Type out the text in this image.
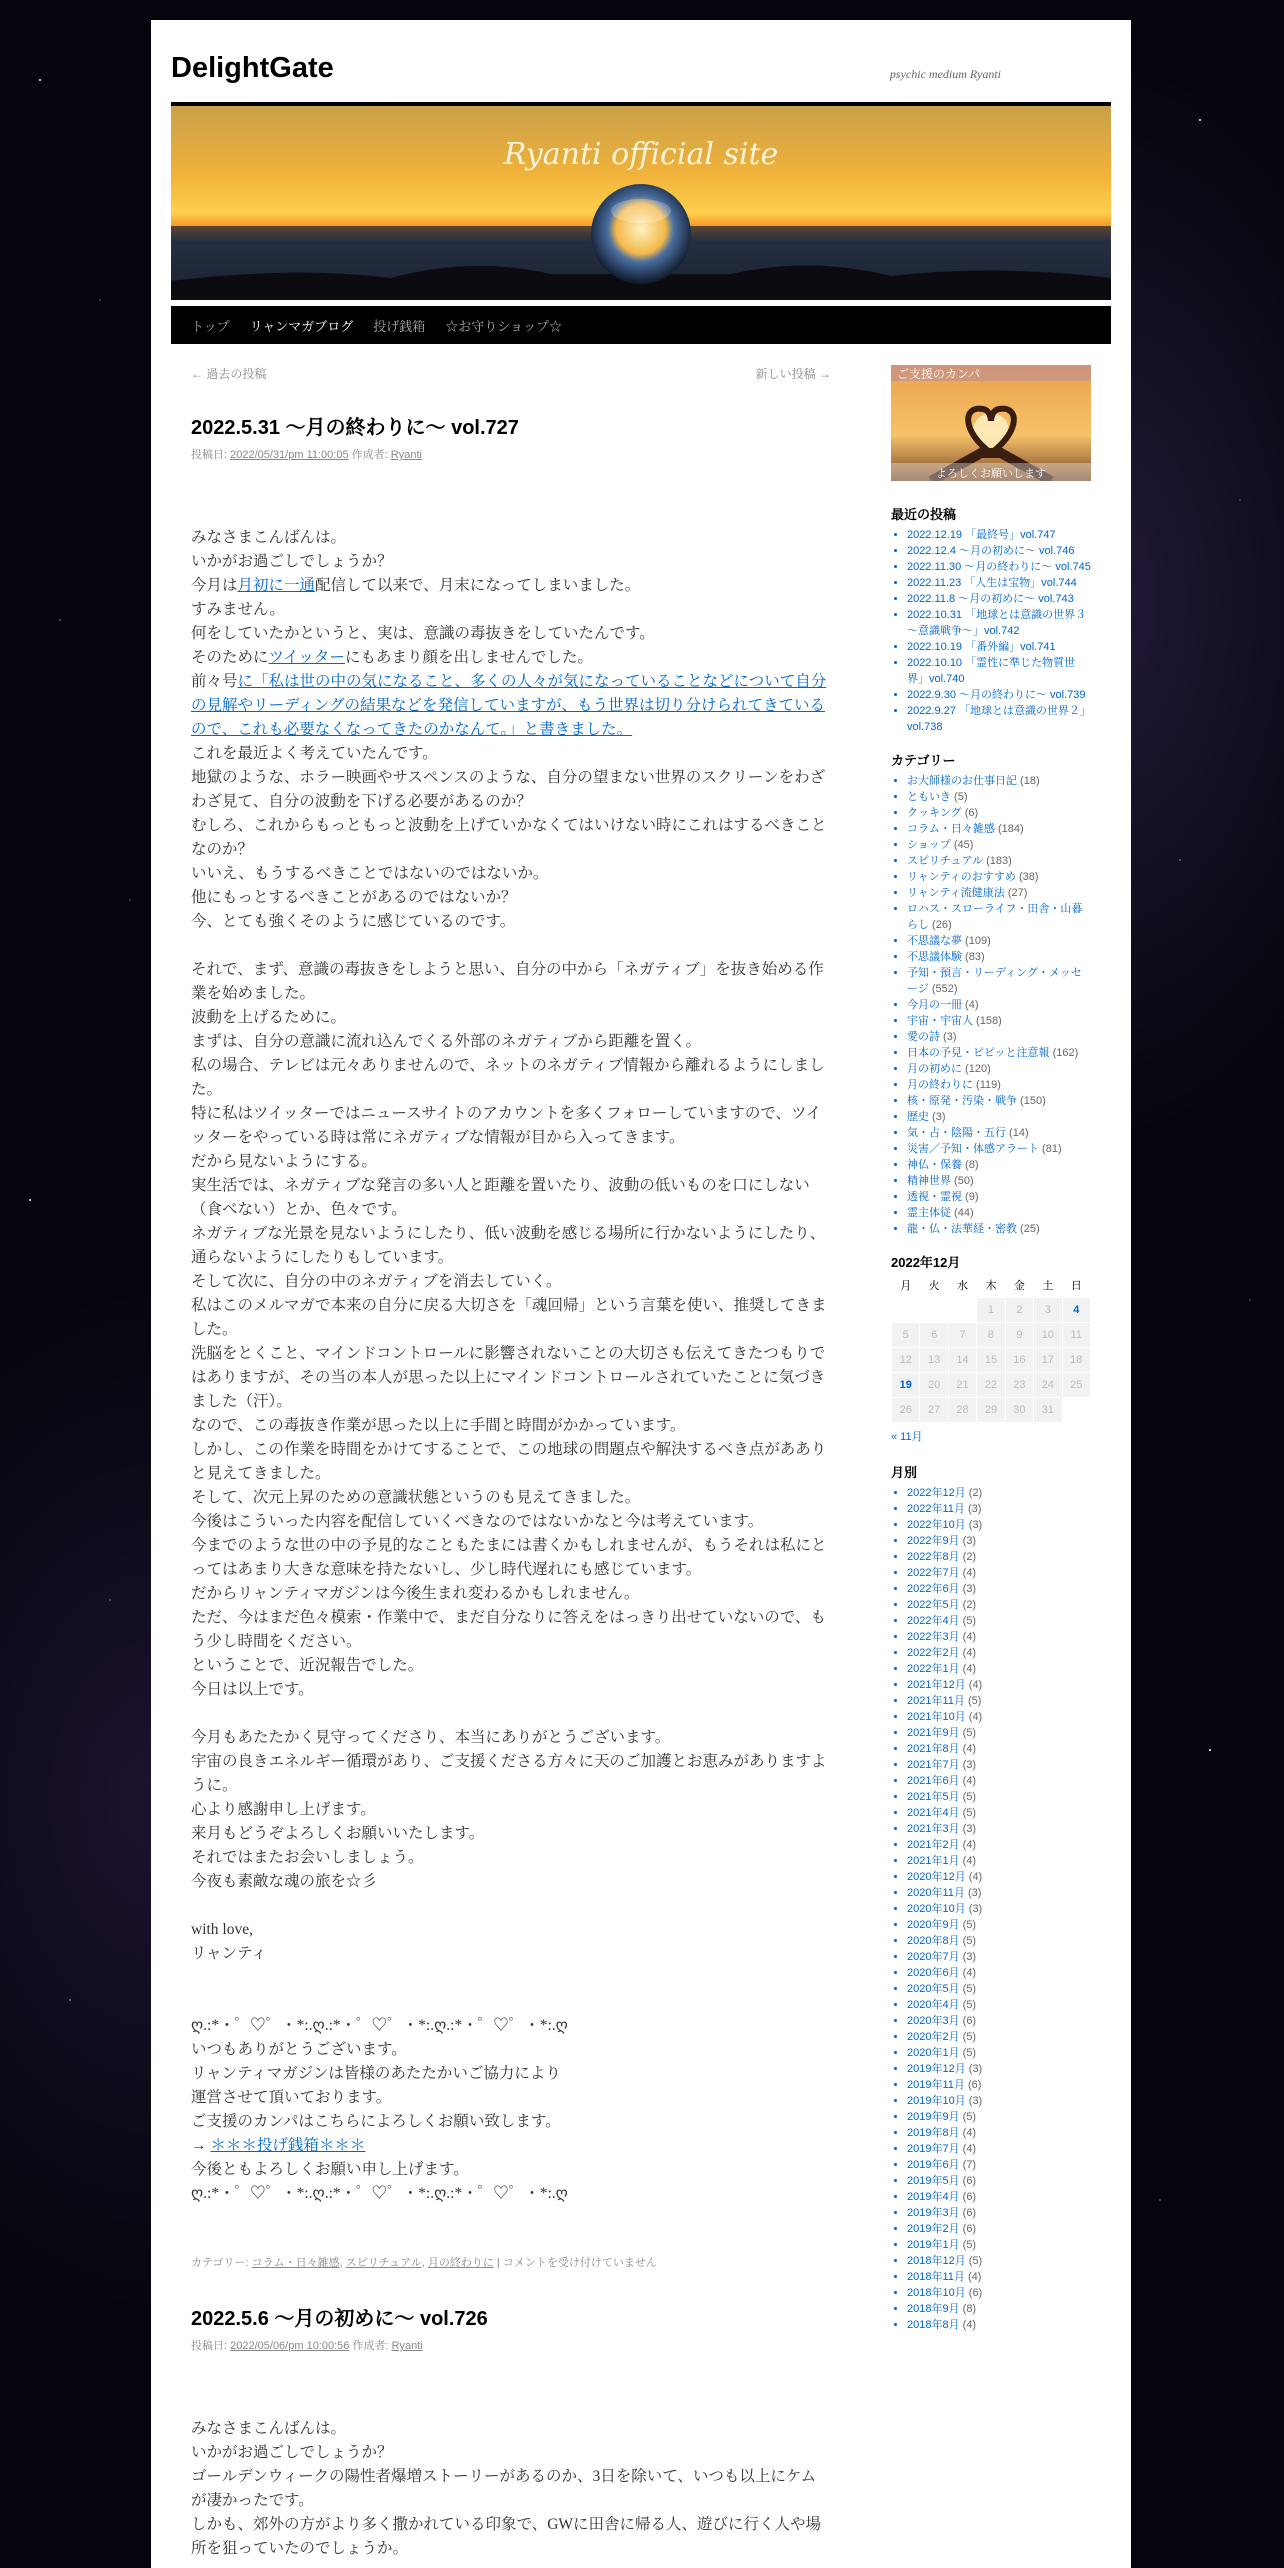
DelightGate	psychic medium Ryanti
Ryanti official site
トップ	リャンマガブログ	投げ銭箱	☆お守りショップ☆
← 過去の投稿	新しい投稿 →
2022.5.31 ～月の終わりに～ vol.727
投稿日: 2022/05/31/pm 11:00:05 作成者: Ryanti

みなさまこんばんは。

いかがお過ごしでしょうか？

今月は月初に一通配信して以来で、月末になってしまいました。

すみません。

何をしていたかというと、実は、意識の毒抜きをしていたんです。

そのためにツイッターにもあまり顔を出しませんでした。

前々号に「私は世の中の気になること、多くの人々が気になっていることなどについて自分の見解やリーディングの結果などを発信していますが、もう世界は切り分けられてきているので、これも必要なくなってきたのかなんて。」と書きました。

これを最近よく考えていたんです。

地獄のような、ホラー映画やサスペンスのような、自分の望まない世界のスクリーンをわざわざ見て、自分の波動を下げる必要があるのか？

むしろ、これからもっともっと波動を上げていかなくてはいけない時にこれはするべきことなのか？

いいえ、もうするべきことではないのではないか。

他にもっとするべきことがあるのではないか？

今、とても強くそのように感じているのです。

それで、まず、意識の毒抜きをしようと思い、自分の中から「ネガティブ」を抜き始める作業を始めました。

波動を上げるために。

まずは、自分の意識に流れ込んでくる外部のネガティブから距離を置く。

私の場合、テレビは元々ありませんので、ネットのネガティブ情報から離れるようにしました。

特に私はツイッターではニュースサイトのアカウントを多くフォローしていますので、ツイッターをやっている時は常にネガティブな情報が目から入ってきます。

だから見ないようにする。

実生活では、ネガティブな発言の多い人と距離を置いたり、波動の低いものを口にしない（食べない）とか、色々です。

ネガティブな光景を見ないようにしたり、低い波動を感じる場所に行かないようにしたり、通らないようにしたりもしています。

そして次に、自分の中のネガティブを消去していく。

私はこのメルマガで本来の自分に戻る大切さを「魂回帰」という言葉を使い、推奨してきました。

洗脳をとくこと、マインドコントロールに影響されないことの大切さも伝えてきたつもりではありますが、その当の本人が思った以上にマインドコントロールされていたことに気づきました（汗）。

なので、この毒抜き作業が思った以上に手間と時間がかかっています。

しかし、この作業を時間をかけてすることで、この地球の問題点や解決するべき点があありと見えてきました。

そして、次元上昇のための意識状態というのも見えてきました。

今後はこういった内容を配信していくべきなのではないかなと今は考えています。

今までのような世の中の予見的なこともたまには書くかもしれませんが、もうそれは私にとってはあまり大きな意味を持たないし、少し時代遅れにも感じています。

だからリャンティマガジンは今後生まれ変わるかもしれません。

ただ、今はまだ色々模索・作業中で、まだ自分なりに答えをはっきり出せていないので、もう少し時間をください。

ということで、近況報告でした。

今日は以上です。

今月もあたたかく見守ってくださり、本当にありがとうございます。

宇宙の良きエネルギー循環があり、ご支援くださる方々に天のご加護とお恵みがありますように。

心より感謝申し上げます。

来月もどうぞよろしくお願いいたします。

それではまたお会いしましょう。

今夜も素敵な魂の旅を☆彡

with love,

リャンティ

ღ.:*・゜♡゜・*:.ღ.:*・゜♡゜・*:.ღ.:*・゜♡゜・*:.ღ

いつもありがとうございます。

リャンティマガジンは皆様のあたたかいご協力により

運営させて頂いております。

ご支援のカンパはこちらによろしくお願い致します。

→ ＊＊＊投げ銭箱＊＊＊

今後ともよろしくお願い申し上げます。

ღ.:*・゜♡゜・*:.ღ.:*・゜♡゜・*:.ღ.:*・゜♡゜・*:.ღ

カテゴリー: コラム・日々雑感, スピリチュアル, 月の終わりに | コメントを受け付けていません
2022.5.6 ～月の初めに～ vol.726
投稿日: 2022/05/06/pm 10:00:56 作成者: Ryanti

みなさまこんばんは。

いかがお過ごしでしょうか？

ゴールデンウィークの陽性者爆増ストーリーがあるのか、3日を除いて、いつも以上にケムが凄かったです。

しかも、郊外の方がより多く撒かれている印象で、GWに田舎に帰る人、遊びに行く人や場所を狙っていたのでしょうか。

ご支援のカンパ
よろしくお願いします
最近の投稿
• 2022.12.19 「最終号」vol.747
• 2022.12.4 ～月の初めに～ vol.746
• 2022.11.30 ～月の終わりに～ vol.745
• 2022.11.23 「人生は宝物」vol.744
• 2022.11.8 ～月の初めに～ vol.743
• 2022.10.31 「地球とは意識の世界３～意識戦争～」vol.742
• 2022.10.19 「番外編」vol.741
• 2022.10.10 「霊性に準じた物質世界」vol.740
• 2022.9.30 ～月の終わりに～ vol.739
• 2022.9.27 「地球とは意識の世界２」vol.738
カテゴリー
• お大師様のお仕事日記 (18)
• ともいき (5)
• クッキング (6)
• コラム・日々雑感 (184)
• ショップ (45)
• スピリチュアル (183)
• リャンティのおすすめ (38)
• リャンティ流健康法 (27)
• ロハス・スローライフ・田舎・山暮らし (26)
• 不思議な夢 (109)
• 不思議体験 (83)
• 予知・預言・リーディング・メッセージ (552)
• 今月の一冊 (4)
• 宇宙・宇宙人 (158)
• 愛の詩 (3)
• 日本の予見・ピピッと注意報 (162)
• 月の初めに (120)
• 月の終わりに (119)
• 核・原発・汚染・戦争 (150)
• 歴史 (3)
• 気・占・陰陽・五行 (14)
• 災害／予知・体感アラート (81)
• 神仏・保養 (8)
• 精神世界 (50)
• 透視・霊視 (9)
• 霊主体従 (44)
• 龍・仏・法華経・密教 (25)
2022年12月
月	火	水	木	金	土	日
			1	2	3	4
5	6	7	8	9	10	11
12	13	14	15	16	17	18
19	20	21	22	23	24	25
26	27	28	29	30	31	
« 11月
月別
• 2022年12月 (2)
• 2022年11月 (3)
• 2022年10月 (3)
• 2022年9月 (3)
• 2022年8月 (2)
• 2022年7月 (4)
• 2022年6月 (3)
• 2022年5月 (2)
• 2022年4月 (5)
• 2022年3月 (4)
• 2022年2月 (4)
• 2022年1月 (4)
• 2021年12月 (4)
• 2021年11月 (5)
• 2021年10月 (4)
• 2021年9月 (5)
• 2021年8月 (4)
• 2021年7月 (3)
• 2021年6月 (4)
• 2021年5月 (5)
• 2021年4月 (5)
• 2021年3月 (3)
• 2021年2月 (4)
• 2021年1月 (4)
• 2020年12月 (4)
• 2020年11月 (3)
• 2020年10月 (3)
• 2020年9月 (5)
• 2020年8月 (5)
• 2020年7月 (3)
• 2020年6月 (4)
• 2020年5月 (5)
• 2020年4月 (5)
• 2020年3月 (6)
• 2020年2月 (5)
• 2020年1月 (5)
• 2019年12月 (3)
• 2019年11月 (6)
• 2019年10月 (3)
• 2019年9月 (5)
• 2019年8月 (4)
• 2019年7月 (4)
• 2019年6月 (7)
• 2019年5月 (6)
• 2019年4月 (6)
• 2019年3月 (6)
• 2019年2月 (6)
• 2019年1月 (5)
• 2018年12月 (5)
• 2018年11月 (4)
• 2018年10月 (6)
• 2018年9月 (8)
• 2018年8月 (4)
